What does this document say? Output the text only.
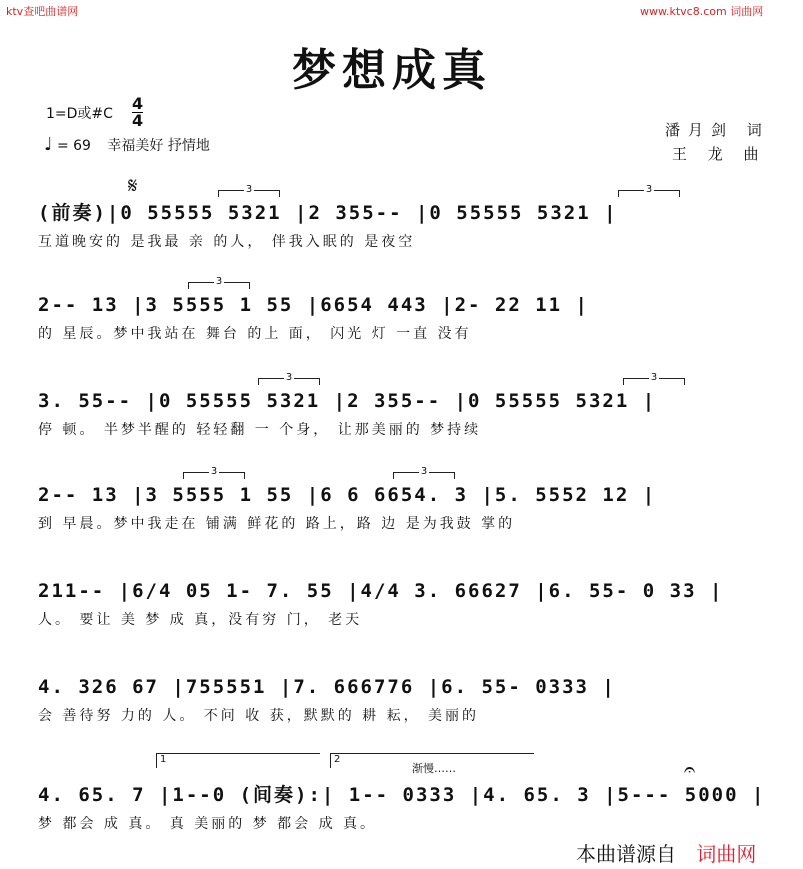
ktv查吧曲谱网	www.ktvc8.com 词曲网
梦想成真
1=D或#C
4
4
♩ = 69 幸福美好 抒情地
潘月剑 词
王 龙 曲
𝄋
(前奏)|0 55555 5321 |2 355-- |0 55555 5321 |
互道晚安的 是我最 亲 的人， 伴我入眠的 是夜空
3	3
2-- 13 |3 5555 1 55 |6654 443 |2- 22 11 |
的 星辰。梦中我站在 舞台 的上 面， 闪光 灯 一直 没有
3
3. 55-- |0 55555 5321 |2 355-- |0 55555 5321 |
停 顿。 半梦半醒的 轻轻翻 一 个身， 让那美丽的 梦持续
3	3
2-- 13 |3 5555 1 55 |6 6 6654. 3 |5. 5552 12 |
到 早晨。梦中我走在 铺满 鲜花的 路上，路 边 是为我鼓 掌的
3	3
211-- |6/4 05 1- 7. 55 |4/4 3. 66627 |6. 55- 0 33 |
人。 要让 美 梦 成 真，没有穷 门， 老天
4. 326 67 |755551 |7. 666776 |6. 55- 0333 |
会 善待努 力的 人。 不问 收 获，默默的 耕 耘， 美丽的
1	2
渐慢……	𝄐
4. 65. 7 |1--0 (间奏):| 1-- 0333 |4. 65. 3 |5--- 5000 |
梦 都会 成 真。 真 美丽的 梦 都会 成 真。
本曲谱源自 词曲网
